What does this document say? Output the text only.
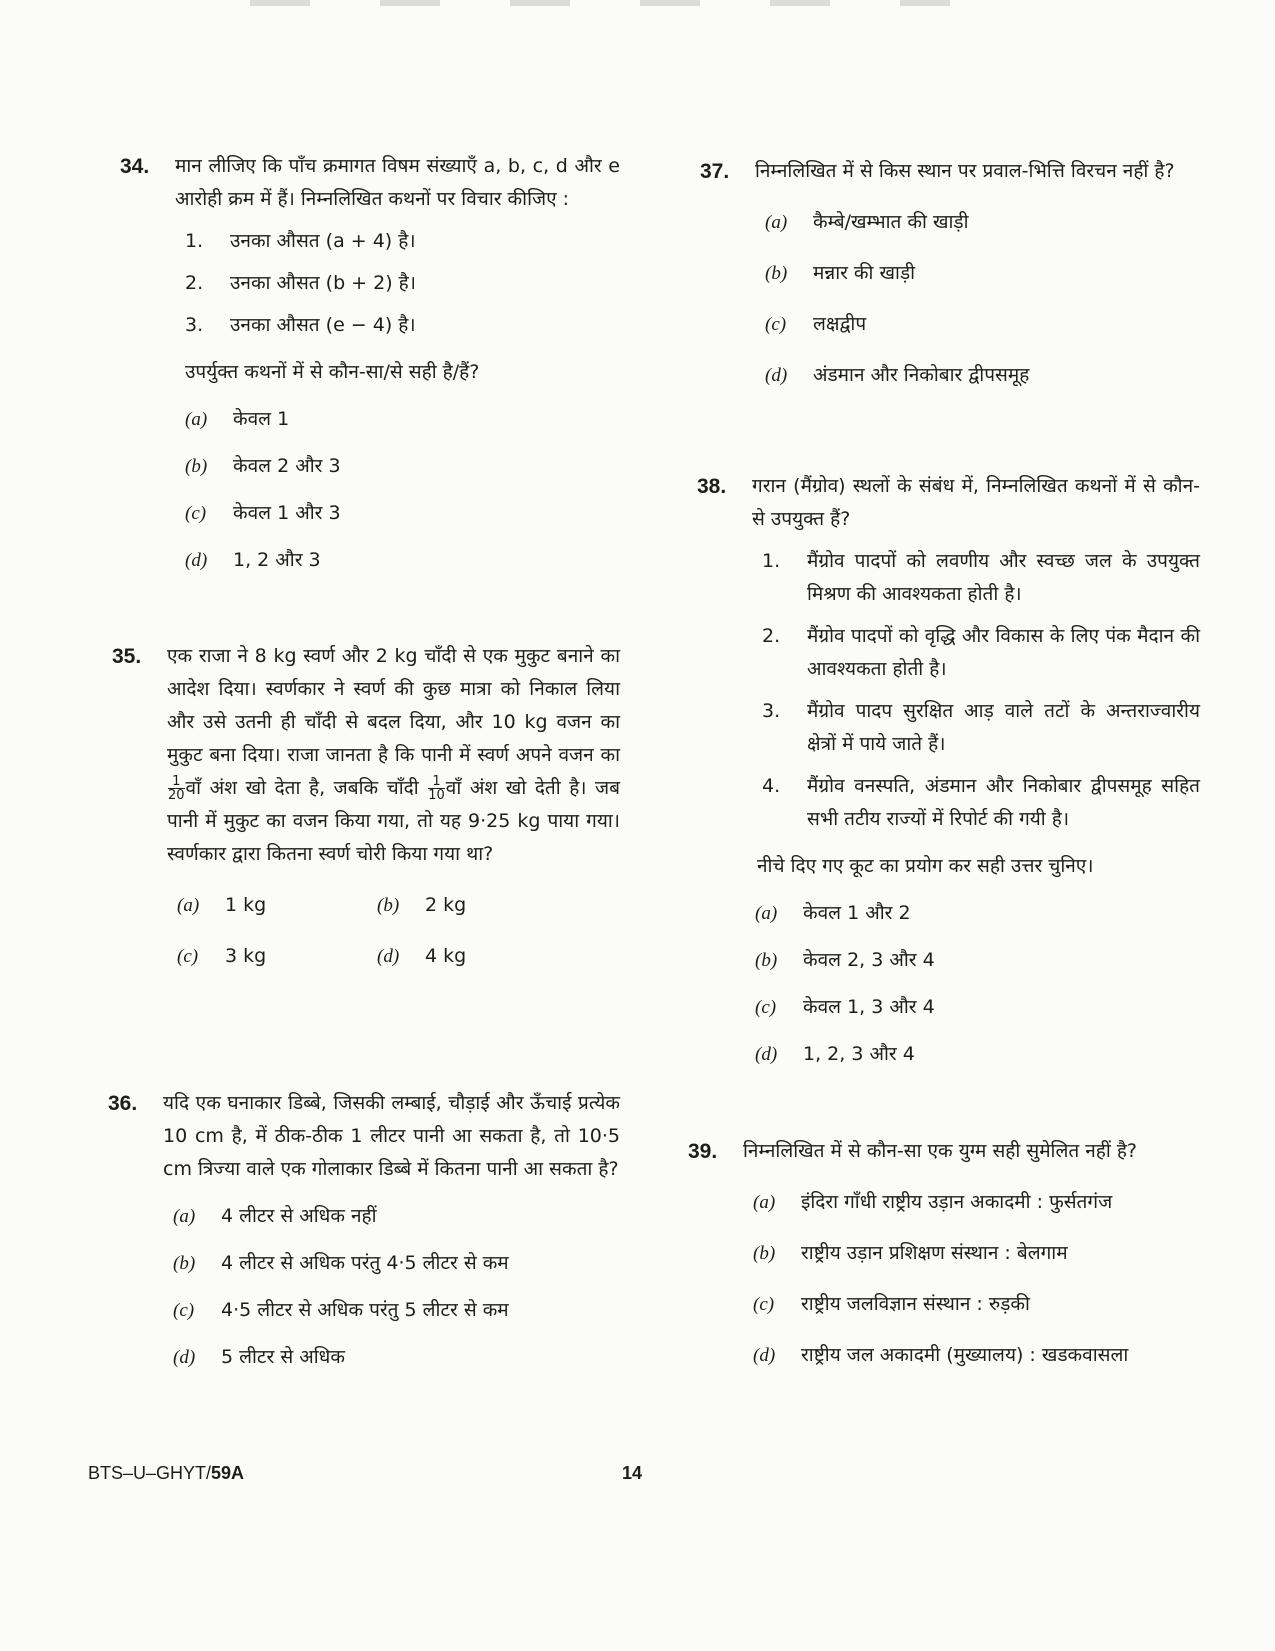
34. मान लीजिए कि पाँच क्रमागत विषम संख्याएँ a, b, c, d और e आरोही क्रम में हैं। निम्नलिखित कथनों पर विचार कीजिए :
1.	उनका औसत (a + 4) है।
2.	उनका औसत (b + 2) है।
3.	उनका औसत (e − 4) है।
उपर्युक्त कथनों में से कौन-सा/से सही है/हैं?
(a)	केवल 1
(b)	केवल 2 और 3
(c)	केवल 1 और 3
(d)	1, 2 और 3
35. एक राजा ने 8 kg स्वर्ण और 2 kg चाँदी से एक मुकुट बनाने का आदेश दिया। स्वर्णकार ने स्वर्ण की कुछ मात्रा को निकाल लिया और उसे उतनी ही चाँदी से बदल दिया, और 10 kg वजन का मुकुट बना दिया। राजा जानता है कि पानी में स्वर्ण अपने वजन का
$\frac{1}{20}$ वाँ अंश खो देता है, जबकि चाँदी $\frac{1}{10}$ वाँ अंश खो देती है। जब पानी में मुकुट का वजन किया गया, तो यह 9·25 kg पाया गया। स्वर्णकार द्वारा कितना स्वर्ण चोरी किया गया था?
(a)	1 kg	(b)	2 kg
(c)	3 kg	(d)	4 kg
36. यदि एक घनाकार डिब्बे, जिसकी लम्बाई, चौड़ाई और ऊँचाई प्रत्येक 10 cm है, में ठीक-ठीक 1 लीटर पानी आ सकता है, तो 10·5 cm त्रिज्या वाले एक गोलाकार डिब्बे में कितना पानी आ सकता है?
(a)	4 लीटर से अधिक नहीं
(b)	4 लीटर से अधिक परंतु 4·5 लीटर से कम
(c)	4·5 लीटर से अधिक परंतु 5 लीटर से कम
(d)	5 लीटर से अधिक
37. निम्नलिखित में से किस स्थान पर प्रवाल-भित्ति विरचन नहीं है?
(a)	कैम्बे/खम्भात की खाड़ी
(b)	मन्नार की खाड़ी
(c)	लक्षद्वीप
(d)	अंडमान और निकोबार द्वीपसमूह
38. गरान (मैंग्रोव) स्थलों के संबंध में, निम्नलिखित कथनों में से कौन-से उपयुक्त हैं?
1.	मैंग्रोव पादपों को लवणीय और स्वच्छ जल के उपयुक्त मिश्रण की आवश्यकता होती है।
2.	मैंग्रोव पादपों को वृद्धि और विकास के लिए पंक मैदान की आवश्यकता होती है।
3.	मैंग्रोव पादप सुरक्षित आड़ वाले तटों के अन्तराज्वारीय क्षेत्रों में पाये जाते हैं।
4.	मैंग्रोव वनस्पति, अंडमान और निकोबार द्वीपसमूह सहित सभी तटीय राज्यों में रिपोर्ट की गयी है।
नीचे दिए गए कूट का प्रयोग कर सही उत्तर चुनिए।
(a)	केवल 1 और 2
(b)	केवल 2, 3 और 4
(c)	केवल 1, 3 और 4
(d)	1, 2, 3 और 4
39. निम्नलिखित में से कौन-सा एक युग्म सही सुमेलित नहीं है?
(a)	इंदिरा गाँधी राष्ट्रीय उड़ान अकादमी : फुर्सतगंज
(b)	राष्ट्रीय उड़ान प्रशिक्षण संस्थान : बेलगाम
(c)	राष्ट्रीय जलविज्ञान संस्थान : रुड़की
(d)	राष्ट्रीय जल अकादमी (मुख्यालय) : खडकवासला
BTS–U–GHYT/59A	14
